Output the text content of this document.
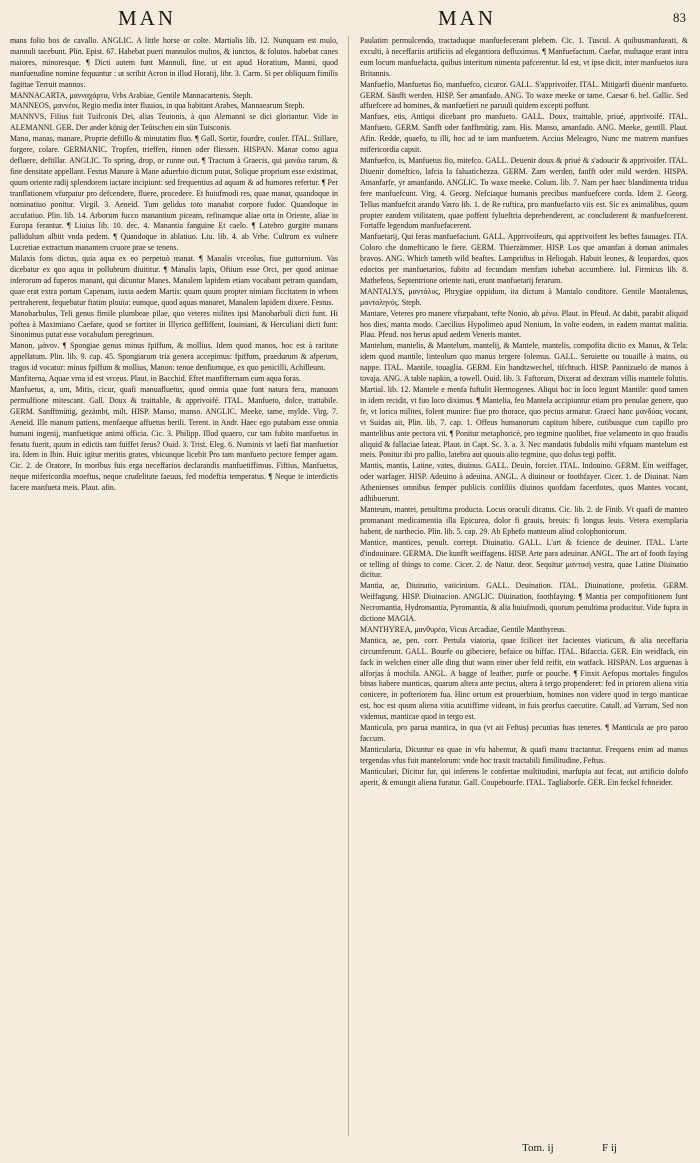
MAN	MAN	83

mans folio bos de cavallo. ANGLIC. A little horse or colte. Martialis lib. 12. Nunquam est mulo, mannuli tacebunt. Plin. Epist. 67. Habebat pueri mannulos multos, & iunctos, & folutos. habebat canes maiores, minoresque. ¶ Dicti autem funt Mannuli, fine, ut est apud Horatium, Manni, quod manfuetudine nomine fequuntur : ut scribit Acron in illud Horatij, libr. 3. Carm. Si per obliquum fimilis fagittae Terruit mannos.

MANNACARTA, μανναχάρτα, Vrbs Arabiae, Gentile Mannacartenis. Steph.

MANNEOS, μαννέοι, Regio media inter fluuios, in qua habitant Arabes, Mannaearum Steph.

MANNVS, Filius fuit Tuifconis Dei, alias Teutonis, à quo Alemanni se dici gloriantur. Vide in ALEMANNI. GER. Der ander könig der Teütschen ein sün Tuisconis.

Mano, manas, manare, Proprie deftillo & minutatim fluo. ¶ Gall. Sortir, fourdre, couler. ITAL. Stillare, forgere, colare. GERMANIC. Tropfen, trieffen, rinnen oder fliessen. HISPAN. Manar como agua defluere, deftillar. ANGLIC. To spring, drop, or runne out. ¶ Tractum à Graecis, qui μανάω rarum, & fine densitate appellant. Festus Manare à Mane aduerbio dictum putat, Solique proprium esse existimat, quum oriente radij splendorem iactare incipiunt: sed frequentius ad aquam & ad humores refertur. ¶ Per tranflationem vfurpatur pro defcendere, fluere, procedere. Et huiufmodi res, quae manat, quandoque in nominatiuo ponitur. Virgil. 3. Aeneid. Tum gelidus toto manabat corpore fudor. Quandoque in accufatiuo. Plin. lib. 14. Arborum fucco manantium piceam, refinamque aliae orta in Oriente, aliae in Europa ferantur. ¶ Liuius lib. 10. dec. 4. Manantia fanguine Et caelo. ¶ Latebro gurgite manans pallidulum albiit vnda pedem. ¶ Quandoque in ablatiuo. Liu. lib. 4. ab Vrbe. Cultrum ex vulnere Lucretiae extractum manantem cruore prae se tenens.

Malaxis fons dictus, quia aqua ex eo perpetuò manat. ¶ Manalis vrceolus, fiue gutturnium. Vas dicebatur ex quo aqua in pollubrum diuititur. ¶ Manalis lapis, Oftium esse Orci, per quod animae inferorum ad fuperos manant, qui dicuntur Manes. Manalem lapidem etiam vocabant petram quandam, quae erat extra portam Capenam, iuxta aedem Martis: quam quum propter nimiam ficcitatem in vrbem pertraherent, fequebatur ftatim pluuia: eumque, quod aquas manaret, Manalem lapidem dixere. Festus.

Manobarbulus, Teli genus fimile plumbeae pilae, quo veteres milites ipsi Manobarbuli dicti funt. Hi poftea à Maximiano Caefare, quod se fortiter in Illyrico geffiffent, Iouiniani, & Herculiani dicti funt: Sinonimus putat esse vocabulum peregrinum.

Manon, μάνον. ¶ Spongiae genus minus fpiffum, & mollius. Idem quod manos, hoc est à raritate appellatum. Plin. lib. 9. cap. 45. Spongiarum tria genera accepimus: fpiffum, praedurum & afperum, tragos id vocatur: minus fpiffum & mollius, Manon: tenue denfiumque, ex quo penicilli, Achilleum.

Manfiterna, Aquae vrna id est vrceus. Plaut. in Bacchid. Eftet manfifternam cum aqua foras.

Manfuetus, a, um, Mitis, cicur, quafi manuafluetus, quod omnia quae funt natura fera, manuum permulfione mitescant. Gall. Doux & traittable, & apprivoifé. ITAL. Manfueto, dolce, trattabile. GERM. Sanfftmütig, gezämbt, milt. HISP. Manso, manso. ANGLIC. Meeke, tame, mylde. Virg. 7. Aeneid. Ille manum patiens, menfaeque affuetus herili. Terent. in Andr. Haec ego putabam esse omnia humani ingenij, manfuetique animi officia. Cic. 3. Philipp. Illud quaero, cur tam fubito manfuetus in fenatu fuerit, quum in edictis tam fuiffet ferus? Ouid. 3. Trist. Eleg. 6. Numinis vt laefi fiat manfuetior ira. Idem in Ibin. Huic igitur meritis grates, vbicunque licebit Pro tam manfueto pectore femper agam. Cic. 2. de Oratore, In moribus fuis erga neceffarios declarandis manfuetiffimus. Fiftius, Manfuetus, neque mifericordia moeftus, neque crudelitate faeuus, fed modeftia temperatus. ¶ Neque te interdictis facere manfueta meis. Plaut. afin.

Paulatim permulcendo, tractaduque manfuefecerant plebem. Cic. 1. Tuscul. A quibusmanfueati, & exculti, à neceffariis artificiis ad elegantiora defluximus. ¶ Manfuefactum. Caefar, multaque erant intra eum locum manfuefacta, quibus interitum nimenta pafcerentur. Id est, vt ipse dicit, inter manfuetos iura Britannis.

Manfuefio, Manfuetus fio, manfuefco, cicuror. GALL. S'apprivoifer. ITAL. Mitigarfi diuenir manfueto. GERM. Sänfft werden. HISP. Ser amanfado. ANG. To waxe meeke or tame. Caesar 6. bel. Gallic. Sed affuefcere ad homines, & manfuefieri ne paruuli quidem excepti poffunt.

Manfues, etis, Antiqui dicebant pro manfueto. GALL. Doux, traittable, priué, apprivoifé. ITAL. Manfueto. GERM. Sanfft oder fanfftmütig, zam. His. Manso, amanfado. ANG. Meeke, gentill. Plaut. Afin. Redde, quaefo, tu illi, hoc ad te iam manfuetem. Accius Meleagro, Nunc me matrem manfues mifericordia capsit.

Manfuefco, is, Manfuetus fio, mitefco. GALL. Deuenir doux & priué & s'adoucir & apprivoifer. ITAL. Diuenir domeftico, lafcia la faluatichezza. GERM. Zam werden, fanfft oder mild werden. HISPA. Amanfarfe, yr amanfando. ANGLIC. To waxe meeke. Colum. lib. 7. Nam per haec blandimenta tridua fere manfuefcunt. Virg. 4. Georg. Nefciaque humanis precibus manfuefcere corda. Idem 2. Georg. Tellus manfuefcit arando Varro lib. 1. de Re ruftica, pro manfuefacto viis est. Sic ex animalibus, quum propter eandem vtilitatem, quae poffent fylueftria deprehenderent, ac concluderent & manfuefcerent. Fortaffe legendum manfuefacerent.

Manfuetarij, Qui feras manfuefaciunt. GALL. Apprivoifeurs, qui apprivoifent les beftes fauuages. ITA. Coloro che domefticano le fiere. GERM. Thierzämmer. HISP. Los que amanfan à doman animales bravos. ANG. Which tameth wild beaftes. Lampridius in Heliogab. Habuit leones, & leopardos, quos edoctos per manfuetarios, fubito ad fecundam menfam iubebat accumbere. Iul. Firmicus lib. 8. Mathefeos, Septentrione oriente nati, erunt manfuetarij ferarum.

MANTALYS, μαντάλυς, Phrygiae oppidum, ita dictum à Mantalo conditore. Gentile Mantalenus, μανταληνός. Steph.

Mantare, Veteres pro manere vfurpabant, tefte Nonio, ab μένω. Plaut. in Pfeud. At dabit, parabit aliquid hos dies, manta modo. Caecilius Hypolimeo apud Nonium, In volte eodem, in eadem mantat malitia. Plau. Pfeud. nos herus apud aedem Veneris mantet.

Mantelum, mantelis, & Mantelum, mantelij, & Mantele, mantelis, compofita dictio ex Manus, & Tela: idem quod mantile, linteolum quo manus tergere folemus. GALL. Seruiette ou touaille à mains, ou nappe. ITAL. Mantile, touaglia. GERM. Ein handtzwechel, tifchtuch. HISP. Pannizuelo de manos à tovaja. ANG. A table napkin, a towell. Ouid. lib. 3. Faftorum, Dixerat ad dextram villis mantele folutis. Martial. lib. 12. Mantele e menfa fuftulit Hermogenes. Aliqui hoc in loco legunt Mantile: quod tamen in idem recidit, vt fuo loco diximus. ¶ Mantelia, feu Mantela accipiuntur etiam pro penulae genere, quo fe, vt lorica milites, folent munire: fiue pro thorace, quo pectus armatur. Graeci hanc μανδύας vocant, vt Suidas ait, Plin. lib. 7. cap. 1. Offeus humanorum capitum hibere, cutibusque cum capillo pro mantelibus ante pectora vti. ¶ Ponitur metaphoricè, pro tegmine quolibet, fiue velamento in quo fraudis aliquid & fallaciae lateat. Plaut. in Capt. Sc. 3. a. 3. Nec mandatis fubdolis mihi vfquam mantelum est meis. Ponitur ibi pro pallio, latebra aut quouis alio tegmine, quo dolus tegi poffit.

Mantis, mantis, Latine, vates, diuinus. GALL. Deuin, forcier. ITAL. Indouino. GERM. Ein weiffager, oder warfager. HISP. Adeuino à adeuina. ANGL. A diuinour or foothfayer. Cicer. 1. de Diuinat. Nam Athenienses omnibus femper publicis confiliis diuinos quofdam facerdotes, quos Mantes vocant, adhibuerunt.

Manteum, mantei, penultima producta. Locus oraculi dicatus. Cic. lib. 2. de Finib. Vt quafi de manteo promanant medicamentia illa Epicurea, dolor fi grauis, breuis: fi longus leuis. Vetera exemplaria habent, de narthecio. Plin. lib. 5. cap. 29. Ab Ephefo manteum aliud colophoniorum.

Mantice, mantices, penult. corrept. Diuinatio. GALL. L'art & fcience de deuiner. ITAL. L'arte d'indouinare. GERMA. Die kunfft weiffagens. HISP. Arte para adeuinar. ANGL. The art of footh faying or telling of things to come. Cicer. 2. de Natur. deor. Sequitur μαντική vestra, quae Latine Diuinatio dicitur.

Mantia, ae, Diuinatio, vaticinium. GALL. Deuination. ITAL. Diuinatione, profetia. GERM. Weiffagung. HISP. Diuinacion. ANGLIC. Diuination, foothfaying. ¶ Mantia per compofitionem funt Necromantia, Hydromantia, Pyromantia, & alia huiufmodi, quorum penultima producitur. Vide fupra in dictione MAGIA.

MANTHYREA, μανθυρέα, Vicus Arcadiae, Gentile Manthyreus.

Mantica, ae, pen. corr. Pertula viatoria, quae fcilicet iter facientes viaticum, & alia neceffaria circumferunt. GALL. Bourfe ou gibeciere, befaice ou biffac. ITAL. Bifaccia. GER. Ein weidfack, ein fack in welchen einer alle ding thut wann einer uber feld reifit, ein watfack. HISPAN. Los arguenas à alforjas à mochila. ANGL. A bagge of leather, purfe or pouche. ¶ Finxit Aefopus mortales fingulos binas habere manticas, quarum altera ante pectus, altera à tergo propenderet: fed in priorem aliena vitia conicere, in pofteriorem fua. Hinc ortum est prouerbium, homines non videre quod in tergo manticae est, hoc est quum aliena vitia acutiffime videant, in fuis prorfus caecutire. Catull. ad Varrum, Sed non videmus, manticae quod in tergo est.

Manticula, pro parua mantica, in qua (vt ait Feftus) pecunias fuas teneres. ¶ Manticula ae pro paruo faccum.

Manticularia, Dicuntur ea quae in vfu habentur, & quafi manu tractantur. Frequens enim ad manus tergendas vfus fuit mantelorum: vnde hoc traxit tractabili fimilitudine. Feftus.

Manticulari, Dicitur fur, qui inferens le confertae multitudini, marfupia aut fecat, aut artificio dolofo aperit, & emungit aliena furatur. Gall. Coupebourfe. ITAL. Tagliaborfe. GER. Ein feckel fchneider.

Tom. ij	F ij
